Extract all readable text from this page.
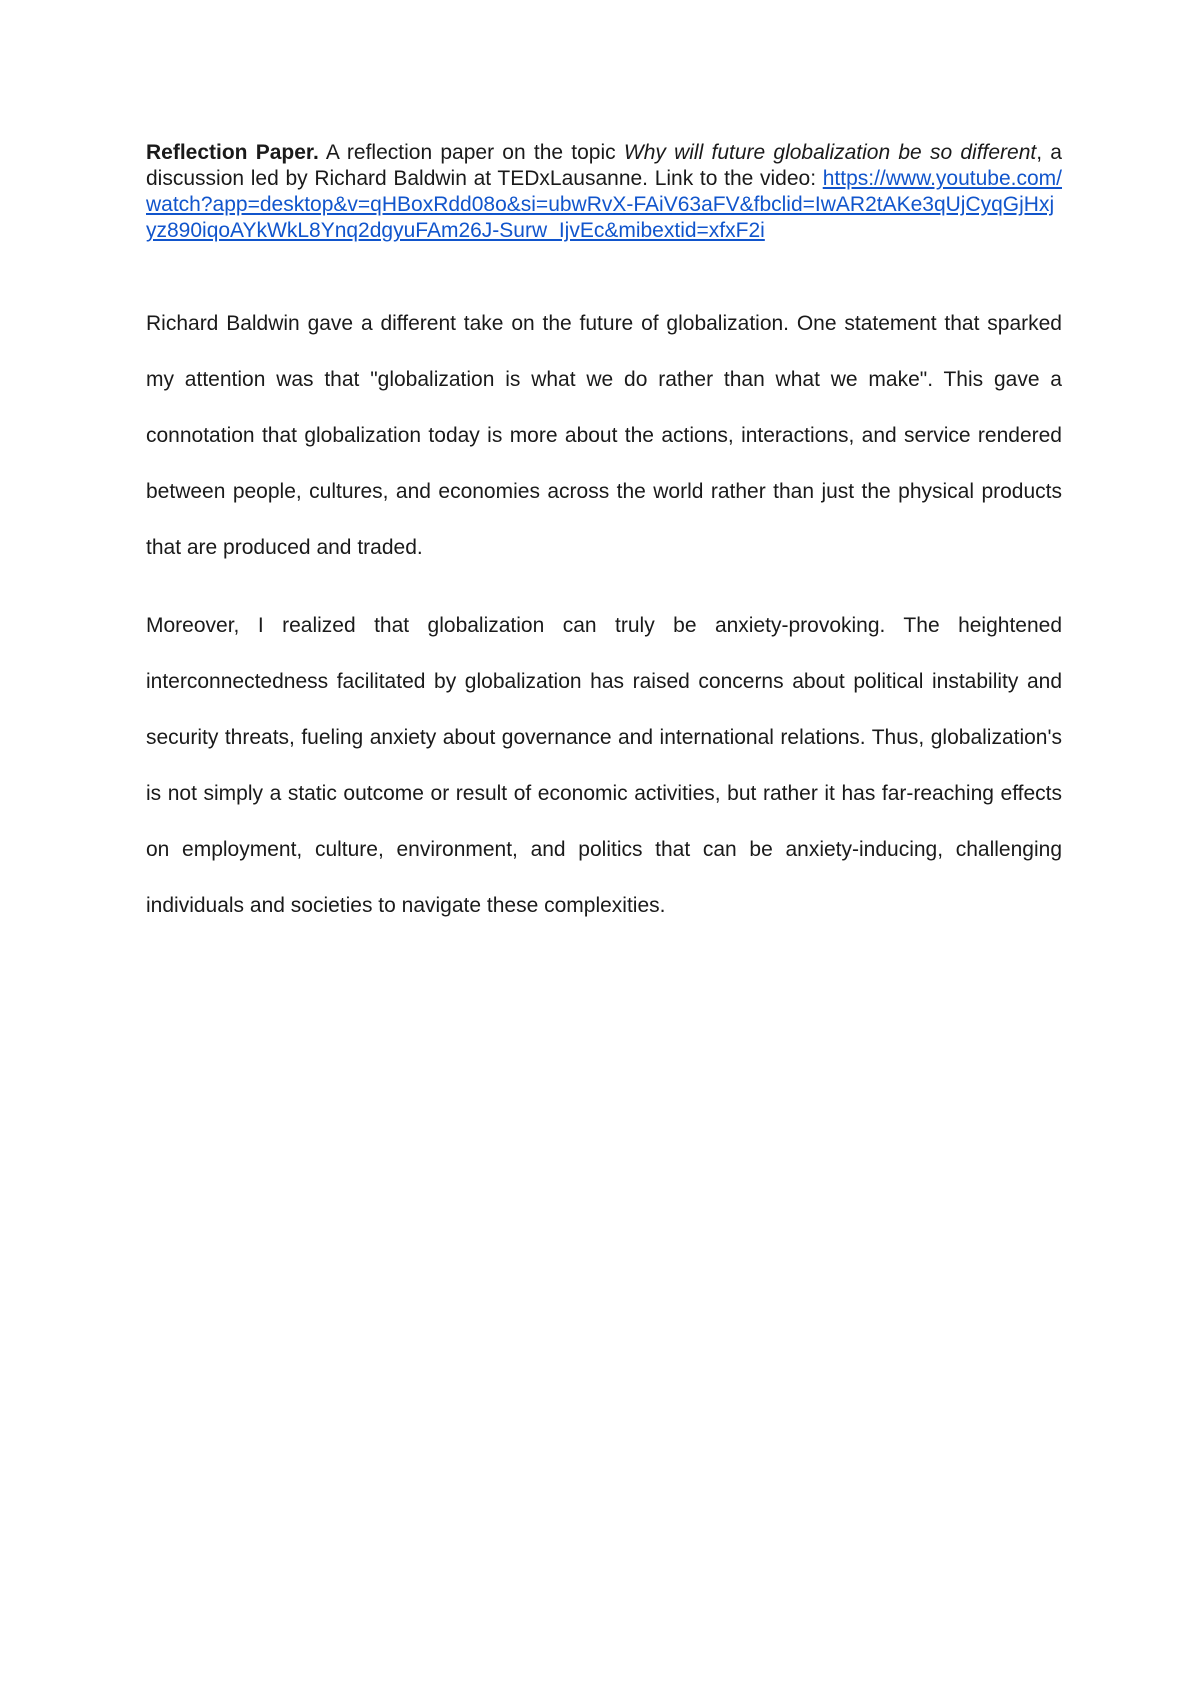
Reflection Paper. A reflection paper on the topic Why will future globalization be so different, a discussion led by Richard Baldwin at TEDxLausanne. Link to the video: https://www.youtube.com/watch?app=desktop&v=qHBoxRdd08o&si=ubwRvX-FAiV63aFV&fbclid=IwAR2tAKe3qUjCyqGjHxjyz890iqoAYkWkL8Ynq2dgyuFAm26J-Surw_IjvEc&mibextid=xfxF2i

Richard Baldwin gave a different take on the future of globalization. One statement that sparked my attention was that "globalization is what we do rather than what we make". This gave a connotation that globalization today is more about the actions, interactions, and service rendered between people, cultures, and economies across the world rather than just the physical products that are produced and traded.

Moreover, I realized that globalization can truly be anxiety-provoking. The heightened interconnectedness facilitated by globalization has raised concerns about political instability and security threats, fueling anxiety about governance and international relations. Thus, globalization's is not simply a static outcome or result of economic activities, but rather it has far-reaching effects on employment, culture, environment, and politics that can be anxiety-inducing, challenging individuals and societies to navigate these complexities.
